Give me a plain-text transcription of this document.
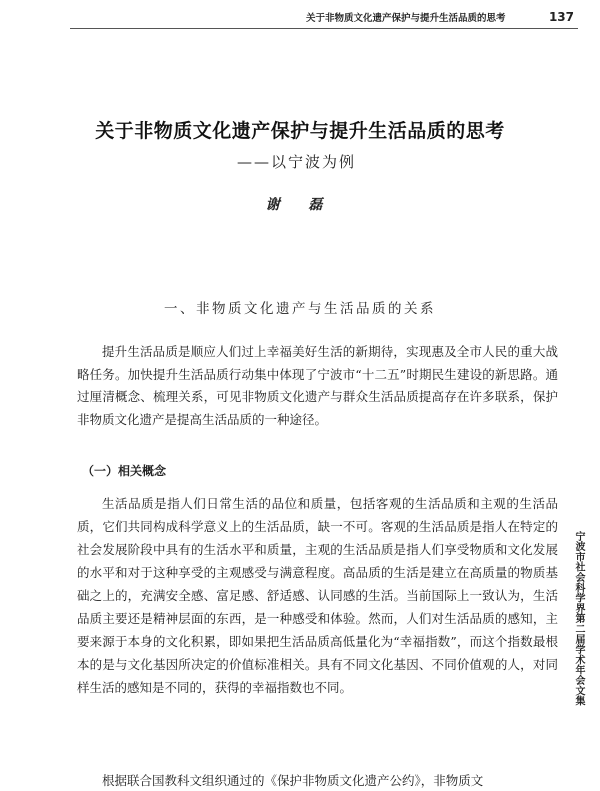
关于非物质文化遗产保护与提升生活品质的思考	137
关于非物质文化遗产保护与提升生活品质的思考
——以宁波为例
谢 磊
一、非物质文化遗产与生活品质的关系

提升生活品质是顺应人们过上幸福美好生活的新期待，实现惠及全市人民的重大战略任务。加快提升生活品质行动集中体现了宁波市“十二五”时期民生建设的新思路。通过厘清概念、梳理关系，可见非物质文化遗产与群众生活品质提高存在许多联系，保护非物质文化遗产是提高生活品质的一种途径。

（一）相关概念

生活品质是指人们日常生活的品位和质量，包括客观的生活品质和主观的生活品质，它们共同构成科学意义上的生活品质，缺一不可。客观的生活品质是指人在特定的社会发展阶段中具有的生活水平和质量，主观的生活品质是指人们享受物质和文化发展的水平和对于这种享受的主观感受与满意程度。高品质的生活是建立在高质量的物质基础之上的，充满安全感、富足感、舒适感、认同感的生活。当前国际上一致认为，生活品质主要还是精神层面的东西，是一种感受和体验。然而，人们对生活品质的感知，主要来源于本身的文化积累，即如果把生活品质高低量化为“幸福指数”，而这个指数最根本的是与文化基因所决定的价值标准相关。具有不同文化基因、不同价值观的人，对同样生活的感知是不同的，获得的幸福指数也不同。

根据联合国教科文组织通过的《保护非物质文化遗产公约》，非物质文

宁波市社会科学界第二届学术年会文集
